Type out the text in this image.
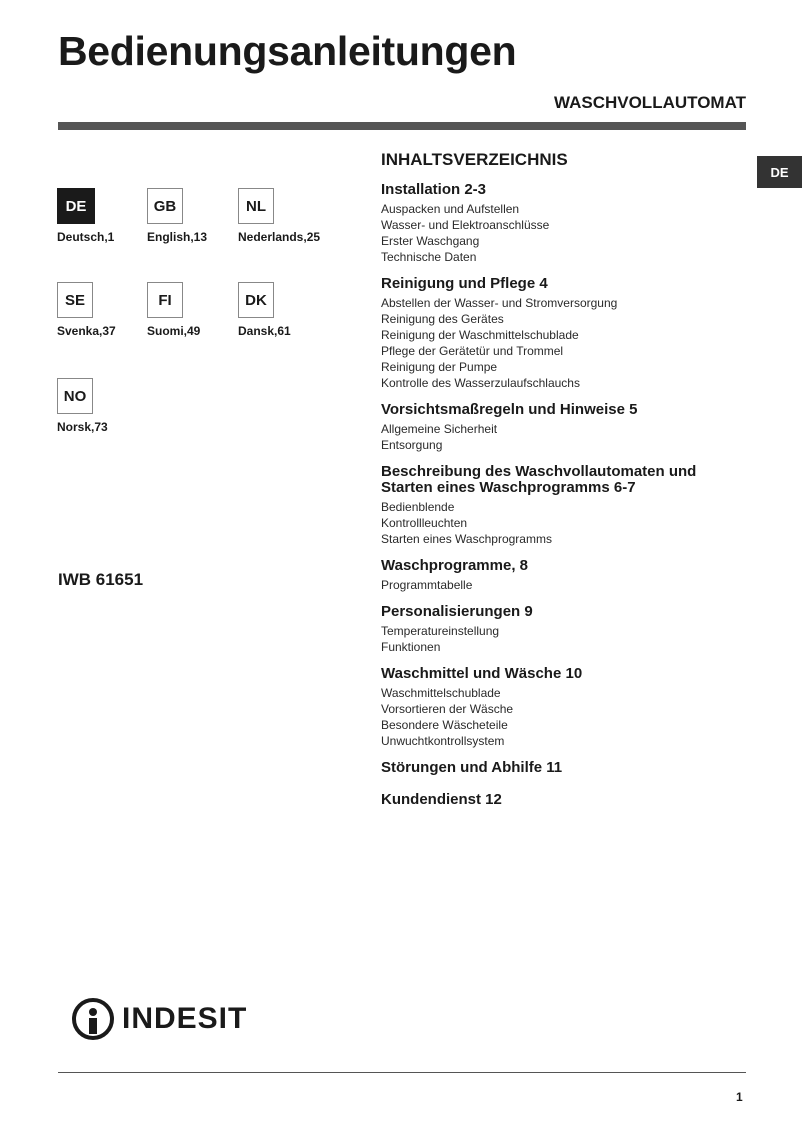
Bedienungsanleitungen
WASCHVOLLAUTOMAT
DE
DE
Deutsch,1
GB
English,13
NL
Nederlands,25
SE
Svenka,37
FI
Suomi,49
DK
Dansk,61
NO
Norsk,73
IWB 61651
INHALTSVERZEICHNIS
Installation 2-3
Auspacken und Aufstellen
Wasser- und Elektroanschlüsse
Erster Waschgang
Technische Daten
Reinigung und Pflege 4
Abstellen der Wasser- und Stromversorgung
Reinigung des Gerätes
Reinigung der Waschmittelschublade
Pflege der Gerätetür und Trommel
Reinigung der Pumpe
Kontrolle des Wasserzulaufschlauchs
Vorsichtsmaßregeln und Hinweise 5
Allgemeine Sicherheit
Entsorgung
Beschreibung des Waschvollautomaten und
Starten eines Waschprogramms 6-7
Bedienblende
Kontrollleuchten
Starten eines Waschprogramms
Waschprogramme, 8
Programmtabelle
Personalisierungen 9
Temperatureinstellung
Funktionen
Waschmittel und Wäsche 10
Waschmittelschublade
Vorsortieren der Wäsche
Besondere Wäscheteile
Unwuchtkontrollsystem
Störungen und Abhilfe 11
Kundendienst 12
INDESIT
1
